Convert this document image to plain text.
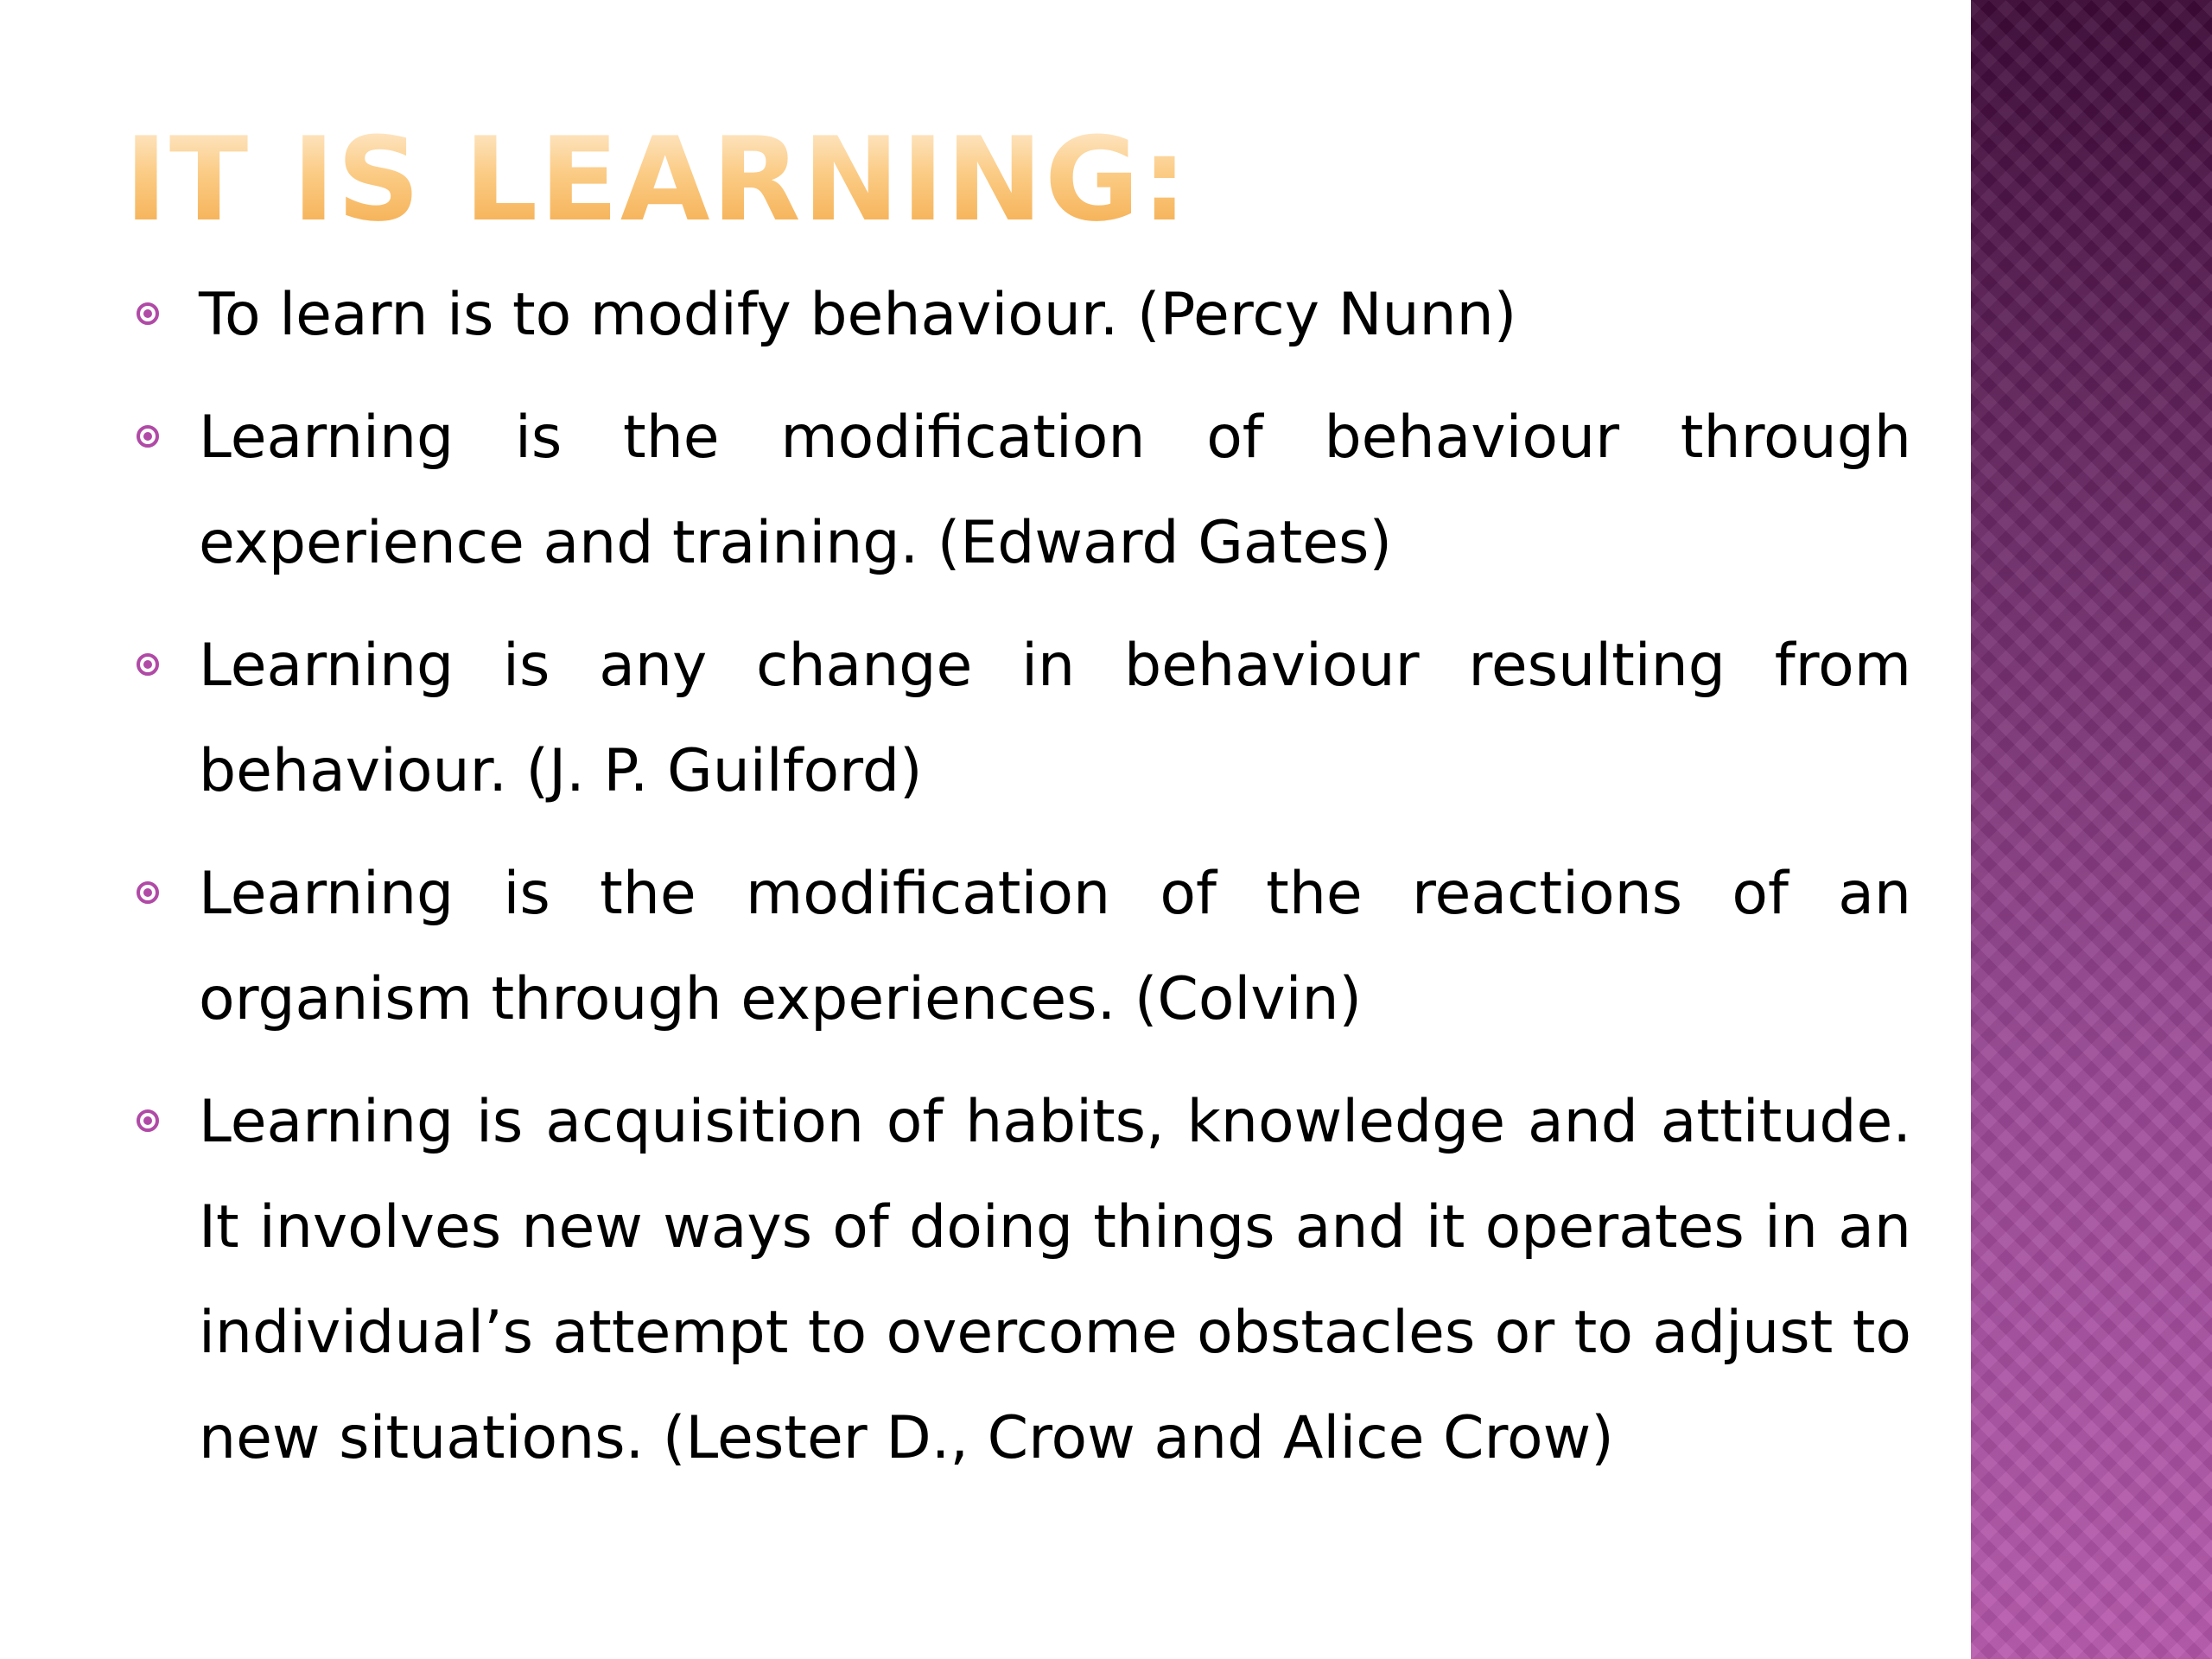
IT IS LEARNING:
To learn is to modify behaviour. (Percy Nunn)
Learning is the modification of behaviour through experience and training. (Edward Gates)
Learning is any change in behaviour resulting from behaviour. (J. P. Guilford)
Learning is the modification of the reactions of an organism through experiences. (Colvin)
Learning is acquisition of habits, knowledge and attitude. It involves new ways of doing things and it operates in an individual’s attempt to overcome obstacles or to adjust to new situations. (Lester D., Crow and Alice Crow)
